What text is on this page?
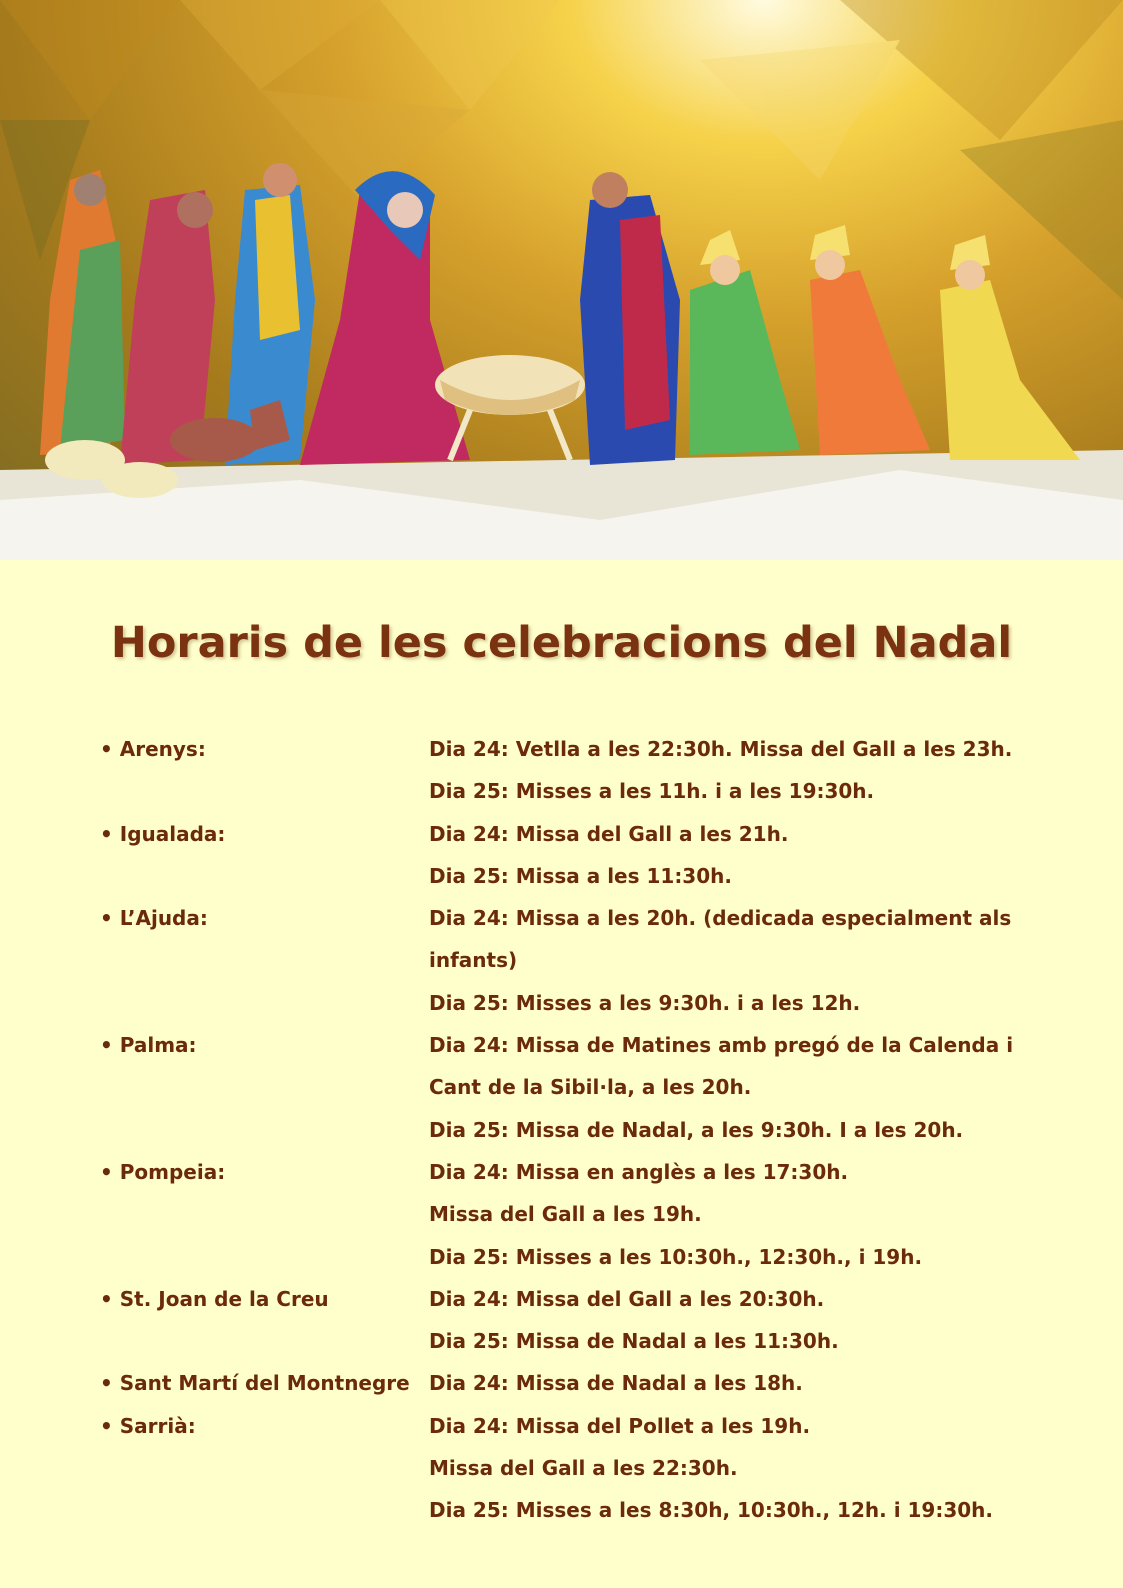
Horaris de les celebracions del Nadal
• Arenys:	Dia 24: Vetlla a les 22:30h. Missa del Gall a les 23h.
Dia 25: Misses a les 11h. i a les 19:30h.
• Igualada:	Dia 24: Missa del Gall a les 21h.
Dia 25: Missa a les 11:30h.
• L’Ajuda:	Dia 24: Missa a les 20h. (dedicada especialment als
infants)
Dia 25: Misses a les 9:30h. i a les 12h.
• Palma:	Dia 24: Missa de Matines amb pregó de la Calenda i
Cant de la Sibil·la, a les 20h.
Dia 25: Missa de Nadal, a les 9:30h. I a les 20h.
• Pompeia:	Dia 24: Missa en anglès a les 17:30h.
Missa del Gall a les 19h.
Dia 25: Misses a les 10:30h., 12:30h., i 19h.
• St. Joan de la Creu	Dia 24: Missa del Gall a les 20:30h.
Dia 25: Missa de Nadal a les 11:30h.
• Sant Martí del Montnegre Dia 24: Missa de Nadal a les 18h.
• Sarrià:	Dia 24: Missa del Pollet a les 19h.
Missa del Gall a les 22:30h.
Dia 25: Misses a les 8:30h, 10:30h., 12h. i 19:30h.
